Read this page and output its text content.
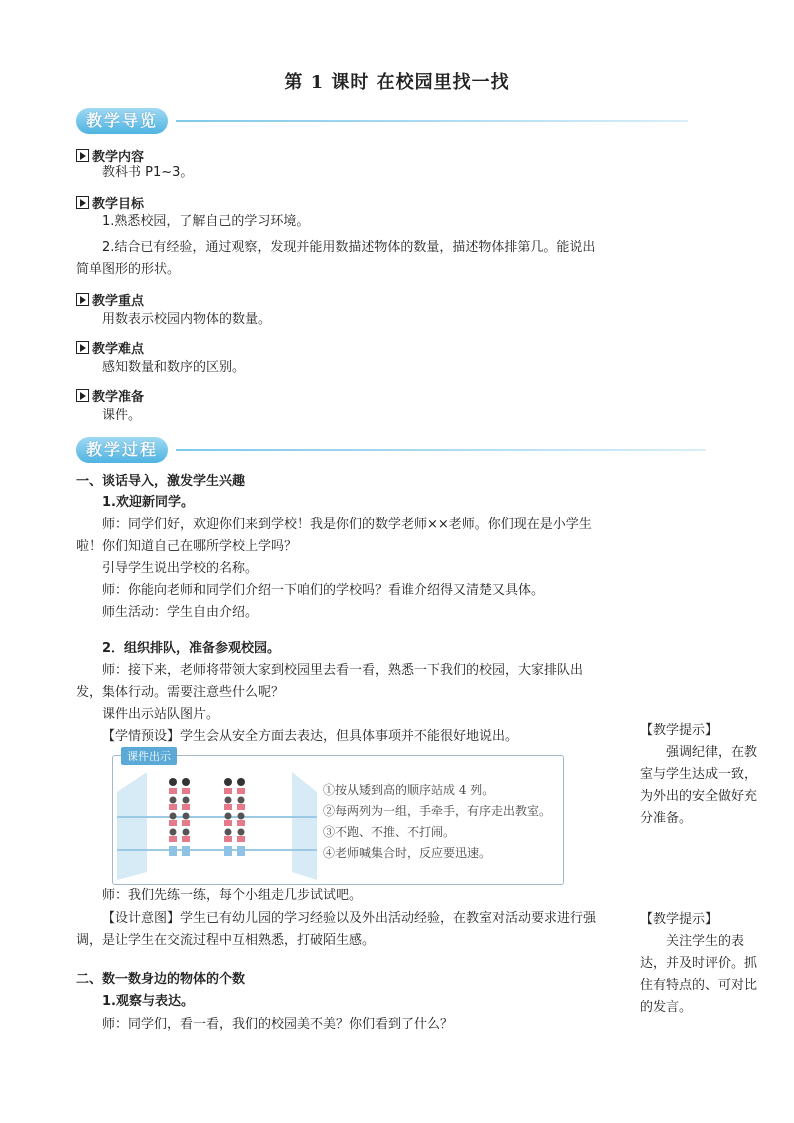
第 1 课时 在校园里找一找
教学导览
教学内容
教科书 P1~3。
教学目标
1.熟悉校园，了解自己的学习环境。
2.结合已有经验，通过观察，发现并能用数描述物体的数量，描述物体排第几。能说出简单图形的形状。
教学重点
用数表示校园内物体的数量。
教学难点
感知数量和数序的区别。
教学准备
课件。
教学过程
一、谈话导入，激发学生兴趣
1.欢迎新同学。
师：同学们好，欢迎你们来到学校！我是你们的数学老师××老师。你们现在是小学生啦！你们知道自己在哪所学校上学吗？
引导学生说出学校的名称。
师：你能向老师和同学们介绍一下咱们的学校吗？看谁介绍得又清楚又具体。
师生活动：学生自由介绍。
2．组织排队，准备参观校园。
师：接下来，老师将带领大家到校园里去看一看，熟悉一下我们的校园，大家排队出发，集体行动。需要注意些什么呢？
课件出示站队图片。
【学情预设】学生会从安全方面去表达，但具体事项并不能很好地说出。
课件出示
①按从矮到高的顺序站成 4 列。
②每两列为一组，手牵手，有序走出教室。
③不跑、不推、不打闹。
④老师喊集合时，反应要迅速。
师：我们先练一练，每个小组走几步试试吧。
【设计意图】学生已有幼儿园的学习经验以及外出活动经验，在教室对活动要求进行强调，是让学生在交流过程中互相熟悉，打破陌生感。
二、数一数身边的物体的个数
1.观察与表达。
师：同学们，看一看，我们的校园美不美？你们看到了什么？
【教学提示】
强调纪律，在教室与学生达成一致，为外出的安全做好充分准备。
【教学提示】
关注学生的表达，并及时评价。抓住有特点的、可对比的发言。
